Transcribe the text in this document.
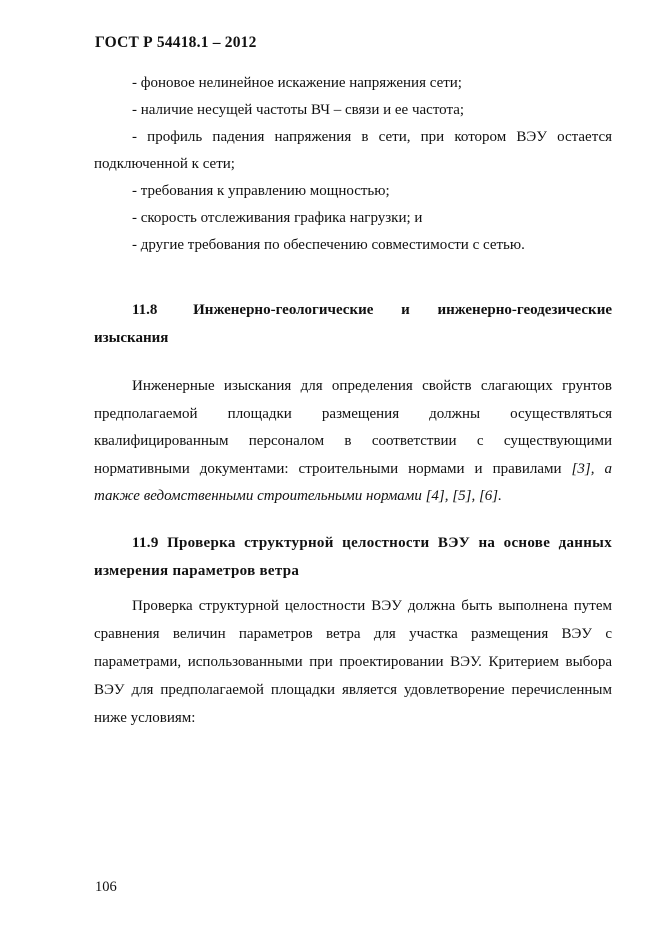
ГОСТ Р 54418.1 – 2012

- фоновое нелинейное искажение напряжения сети;

- наличие несущей частоты ВЧ – связи и ее частота;

- профиль падения напряжения в сети, при котором ВЭУ остается подключенной к сети;

- требования к управлению мощностью;

- скорость отслеживания графика нагрузки; и

- другие требования по обеспечению совместимости с сетью.

11.8 Инженерно-геологические и инженерно-геодезические изыскания
Инженерные изыскания для определения свойств слагающих грунтов предполагаемой площадки размещения должны осуществляться квалифицированным персоналом в соответствии с существующими нормативными документами: строительными нормами и правилами [3], а также ведомственными строительными нормами [4], [5], [6].
11.9 Проверка структурной целостности ВЭУ на основе данных измерения параметров ветра
Проверка структурной целостности ВЭУ должна быть выполнена путем сравнения величин параметров ветра для участка размещения ВЭУ с параметрами, использованными при проектировании ВЭУ. Критерием выбора ВЭУ для предполагаемой площадки является удовлетворение перечисленным ниже условиям:
106
